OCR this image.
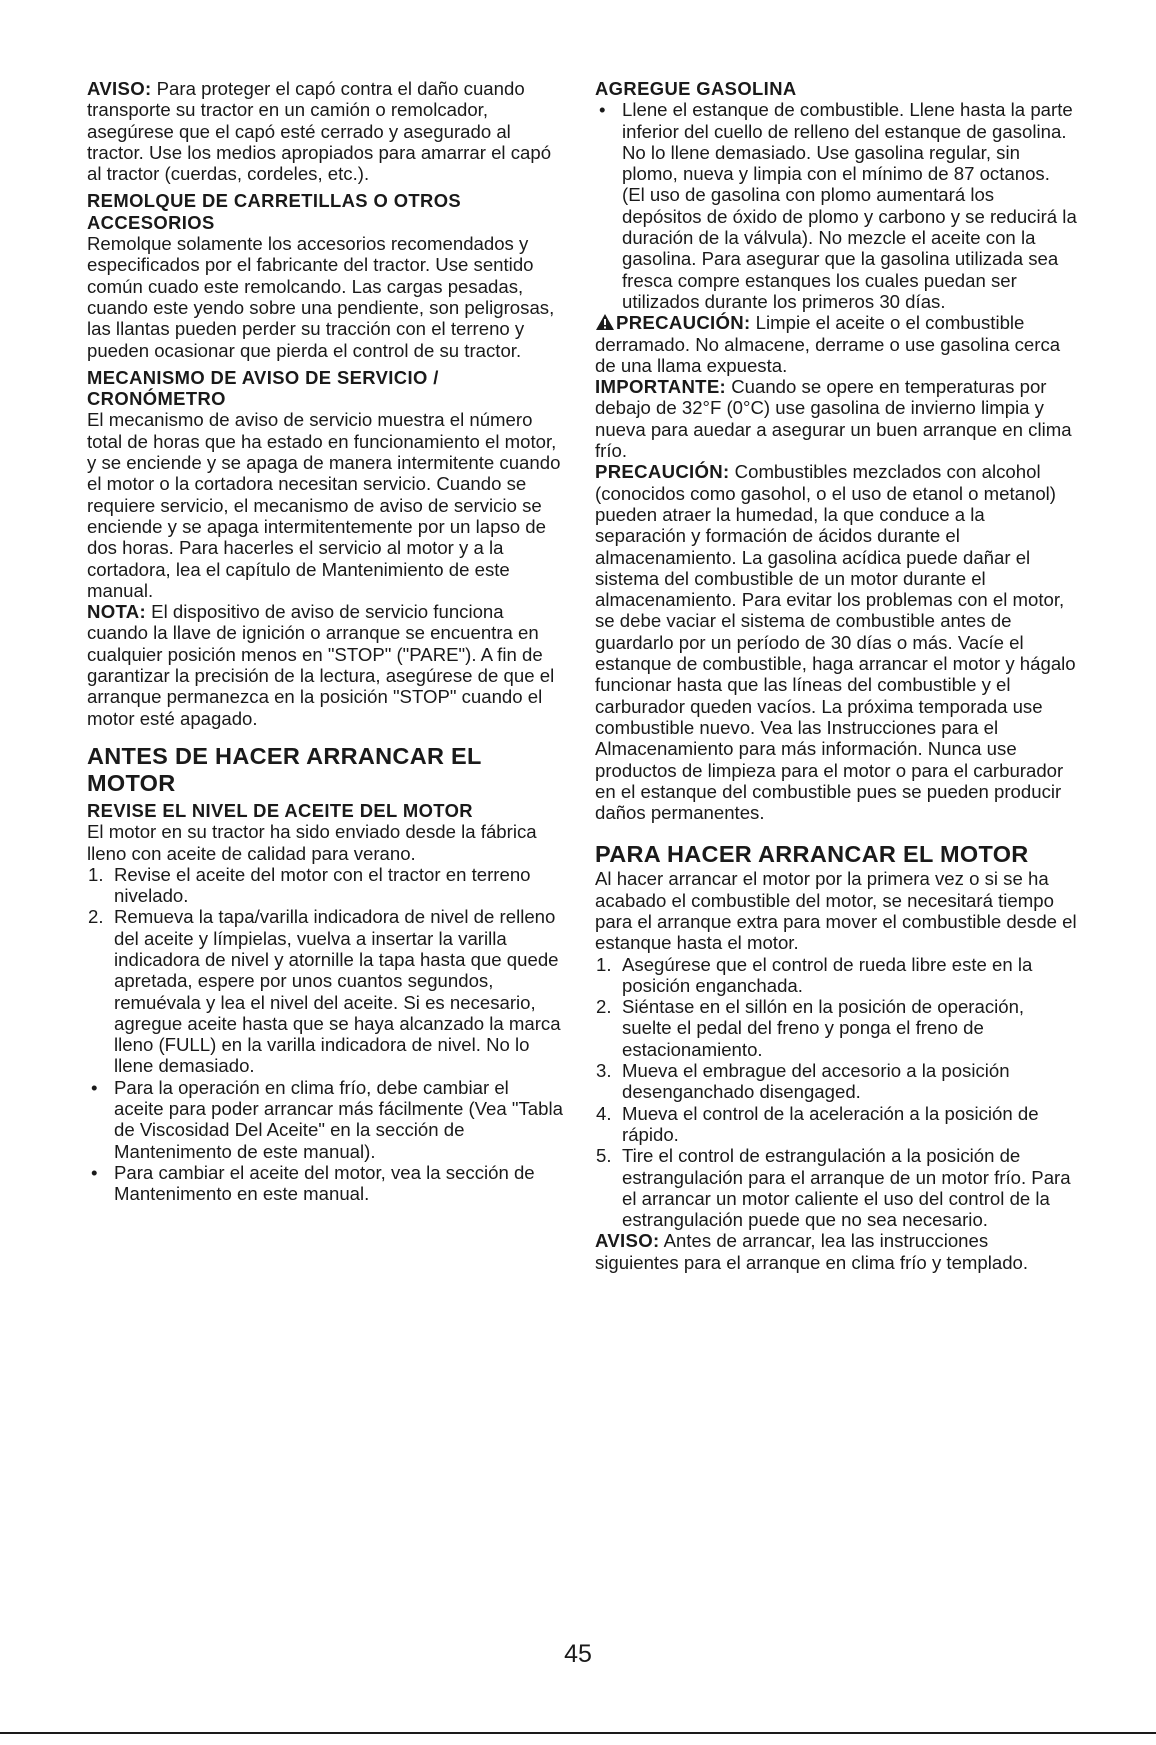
AVISO: Para proteger el capó contra el daño cuando transporte su tractor en un camión o remolcador, asegúrese que el capó esté cerrado y asegurado al tractor. Use los medios apropiados para amarrar el capó al tractor (cuerdas, cordeles, etc.).

REMOLQUE DE CARRETILLAS O OTROS ACCESORIOS

Remolque solamente los accesorios recomendados y especificados por el fabricante del tractor. Use sentido común cuado este remolcando. Las cargas pesadas, cuando este yendo sobre una pendiente, son peligrosas, las llantas pueden perder su tracción con el terreno y pueden ocasionar que pierda el control de su tractor.

MECANISMO DE AVISO DE SERVICIO / CRONÓMETRO

El mecanismo de aviso de servicio muestra el número total de horas que ha estado en funcionamiento el motor, y se enciende y se apaga de manera intermitente cuando el motor o la cortadora necesitan servicio. Cuando se requiere servicio, el mecanismo de aviso de servicio se enciende y se apaga intermitentemente por un lapso de dos horas. Para hacerles el servicio al motor y a la cortadora, lea el capítulo de Mantenimiento de este manual.

NOTA: El dispositivo de aviso de servicio funciona cuando la llave de ignición o arranque se encuentra en cualquier posición menos en "STOP" ("PARE"). A fin de garantizar la precisión de la lectura, asegúrese de que el arranque permanezca en la posición "STOP" cuando el motor esté apagado.

ANTES DE HACER ARRANCAR EL MOTOR

REVISE EL NIVEL DE ACEITE DEL MOTOR

El motor en su tractor ha sido enviado desde la fábrica lleno con aceite de calidad para verano.

1. Revise el aceite del motor con el tractor en terreno nivelado.
2. Remueva la tapa/varilla indicadora de nivel de relleno del aceite y límpielas, vuelva a insertar la varilla indicadora de nivel y atornille la tapa hasta que quede apretada, espere por unos cuantos segundos, remuévala y lea el nivel del aceite. Si es necesario, agregue aceite hasta que se haya alcanzado la marca lleno (FULL) en la varilla indicadora de nivel. No lo llene demasiado.
• Para la operación en clima frío, debe cambiar el aceite para poder arrancar más fácilmente (Vea "Tabla de Viscosidad Del Aceite" en la sección de Mantenimento de este manual).
• Para cambiar el aceite del motor, vea la sección de Mantenimento en este manual.

AGREGUE GASOLINA

• Llene el estanque de combustible. Llene hasta la parte inferior del cuello de relleno del estanque de gasolina. No lo llene demasiado. Use gasolina regular, sin plomo, nueva y limpia con el mínimo de 87 octanos. (El uso de gasolina con plomo aumentará los depósitos de óxido de plomo y carbono y se reducirá la duración de la válvula). No mezcle el aceite con la gasolina. Para asegurar que la gasolina utilizada sea fresca compre estanques los cuales puedan ser utilizados durante los primeros 30 días.

PRECAUCIÓN: Limpie el aceite o el combustible derramado. No almacene, derrame o use gasolina cerca de una llama expuesta.

IMPORTANTE: Cuando se opere en temperaturas por debajo de 32°F (0°C) use gasolina de invierno limpia y nueva para auedar a asegurar un buen arranque en clima frío.

PRECAUCIÓN: Combustibles mezclados con alcohol (conocidos como gasohol, o el uso de etanol o metanol) pueden atraer la humedad, la que conduce a la separación y formación de ácidos durante el almacenamiento. La gasolina acídica puede dañar el sistema del combustible de un motor durante el almacenamiento. Para evitar los problemas con el motor, se debe vaciar el sistema de combustible antes de guardarlo por un período de 30 días o más. Vacíe el estanque de combustible, haga arrancar el motor y hágalo funcionar hasta que las líneas del combustible y el carburador queden vacíos. La próxima temporada use combustible nuevo. Vea las Instrucciones para el Almacenamiento para más información. Nunca use productos de limpieza para el motor o para el carburador en el estanque del combustible pues se pueden producir daños permanentes.

PARA HACER ARRANCAR EL MOTOR

Al hacer arrancar el motor por la primera vez o si se ha acabado el combustible del motor, se necesitará tiempo para el arranque extra para mover el combustible desde el estanque hasta el motor.

1. Asegúrese que el control de rueda libre este en la posición enganchada.
2. Siéntase en el sillón en la posición de operación, suelte el pedal del freno y ponga el freno de estacionamiento.
3. Mueva el embrague del accesorio a la posición desenganchado disengaged.
4. Mueva el control de la aceleración a la posición de rápido.
5. Tire el control de estrangulación a la posición de estrangulación para el arranque de un motor frío. Para el arrancar un motor caliente el uso del control de la estrangulación puede que no sea necesario.

AVISO: Antes de arrancar, lea las instrucciones siguientes para el arranque en clima frío y templado.

45
